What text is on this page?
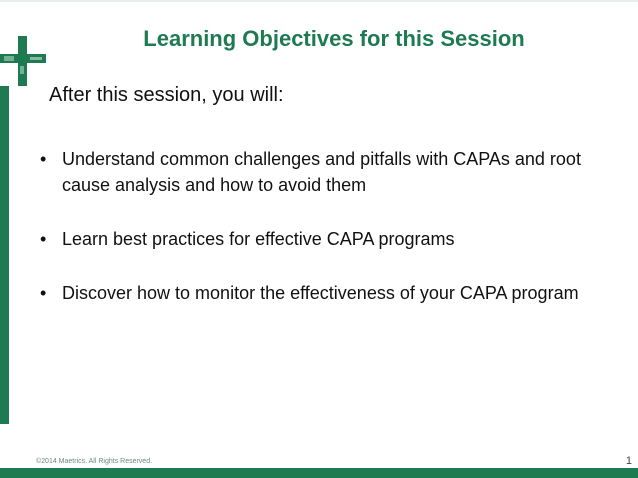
Learning Objectives for this Session
After this session, you will:
• Understand common challenges and pitfalls with CAPAs and root cause analysis and how to avoid them
• Learn best practices for effective CAPA programs
• Discover how to monitor the effectiveness of your CAPA program
©2014 Maetrics. All Rights Reserved.	1
